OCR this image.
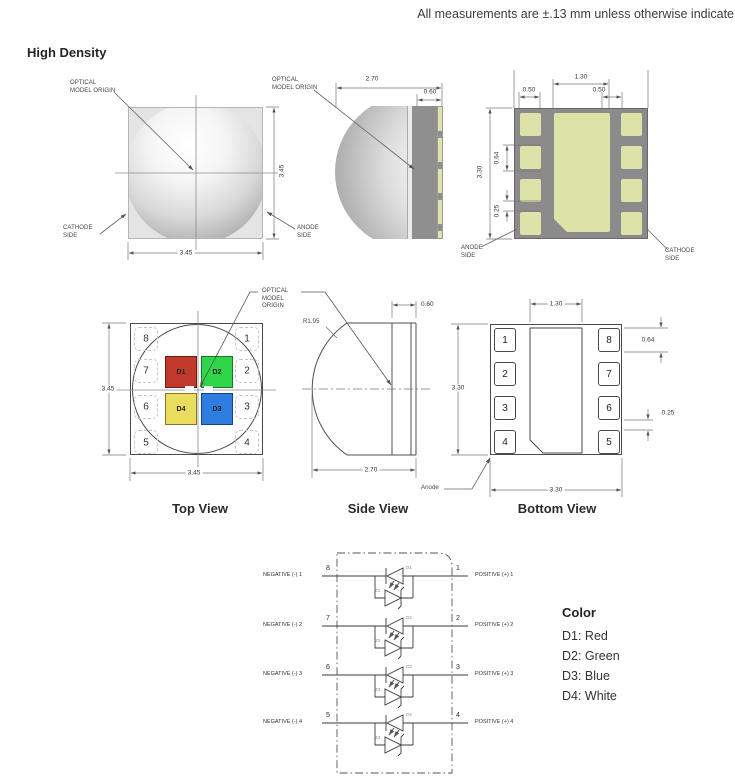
D1	D2
D4	D3
1
2
3
4
8
7
6
5
All measurements are ±.13 mm unless otherwise indicate
High Density
OPTICAL
MODEL ORIGIN
CATHODE
SIDE
ANODE
SIDE
3.45
3.45
OPTICAL
MODEL ORIGIN
2.70
0.60	0.50
1.30
0.50
3.30
0.64
0.25
ANODE
SIDE
CATHODE
SIDE
OPTICAL
MODEL
ORIGIN
8	1
7	2
6	3
5	4
3.45
3.45
Top View
R1.95
0.60
2.70
Side View
1.30
3.30
3.30
0.64
0.25
Anode
Bottom View
NEGATIVE (-) 1	POSITIVE (+) 1
8	1
D1
Z1
NEGATIVE (-) 2	POSITIVE (+) 2
7	2
D2
Z2
NEGATIVE (-) 3	POSITIVE (+) 3
6	3
D3
Z3
NEGATIVE (-) 4	POSITIVE (+) 4
5	4
D4
Z4
Color
D1: Red
D2: Green
D3: Blue
D4: White
